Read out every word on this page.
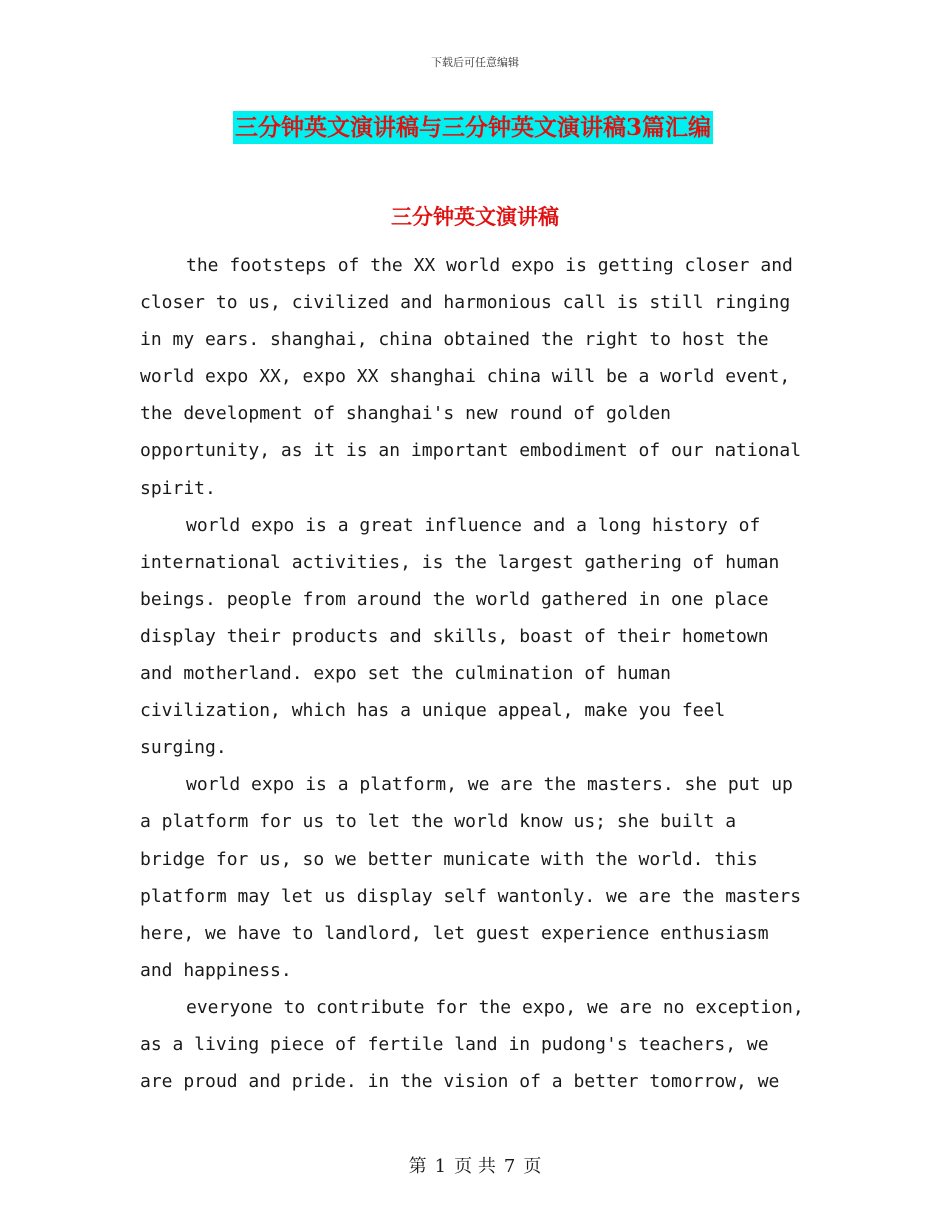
下载后可任意编辑
三分钟英文演讲稿与三分钟英文演讲稿3篇汇编
三分钟英文演讲稿

the footsteps of the XX world expo is getting closer and closer to us, civilized and harmonious call is still ringing in my ears. shanghai, china obtained the right to host the world expo XX, expo XX shanghai china will be a world event, the development of shanghai's new round of golden opportunity, as it is an important embodiment of our national spirit.

world expo is a great influence and a long history of international activities, is the largest gathering of human beings. people from around the world gathered in one place display their products and skills, boast of their hometown and motherland. expo set the culmination of human civilization, which has a unique appeal, make you feel surging.

world expo is a platform, we are the masters. she put up a platform for us to let the world know us; she built a bridge for us, so we better municate with the world. this platform may let us display self wantonly. we are the masters here, we have to landlord, let guest experience enthusiasm and happiness.

everyone to contribute for the expo, we are no exception, as a living piece of fertile land in pudong's teachers, we are proud and pride. in the vision of a better tomorrow, we

第 1 页 共 7 页
